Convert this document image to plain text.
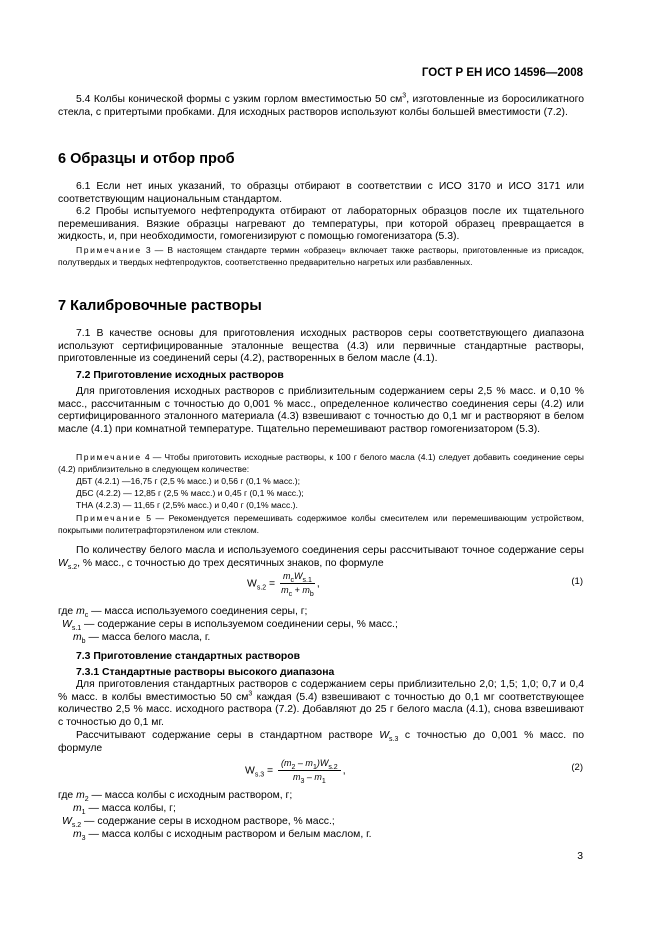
ГОСТ Р ЕН ИСО 14596—2008
5.4 Колбы конической формы с узким горлом вместимостью 50 $см^3$, изготовленные из боросиликатного стекла, с притертыми пробками. Для исходных растворов используют колбы большей вместимости (7.2).
6 Образцы и отбор проб
6.1 Если нет иных указаний, то образцы отбирают в соответствии с ИСО 3170 и ИСО 3171 или соответствующим национальным стандартом.
6.2 Пробы испытуемого нефтепродукта отбирают от лабораторных образцов после их тщательного перемешивания. Вязкие образцы нагревают до температуры, при которой образец превращается в жидкость, и, при необходимости, гомогенизируют с помощью гомогенизатора (5.3).
Примечание 3 — В настоящем стандарте термин «образец» включает также растворы, приготовленные из присадок, полутвердых и твердых нефтепродуктов, соответственно предварительно нагретых или разбавленных.
7 Калибровочные растворы
7.1 В качестве основы для приготовления исходных растворов серы соответствующего диапазона используют сертифицированные эталонные вещества (4.3) или первичные стандартные растворы, приготовленные из соединений серы (4.2), растворенных в белом масле (4.1).
7.2 Приготовление исходных растворов
Для приготовления исходных растворов с приблизительным содержанием серы 2,5 % масс. и 0,10 % масс., рассчитанным с точностью до 0,001 % масс., определенное количество соединения серы (4.2) или сертифицированного эталонного материала (4.3) взвешивают с точностью до 0,1 мг и растворяют в белом масле (4.1) при комнатной температуре. Тщательно перемешивают раствор гомогенизатором (5.3).
Примечание 4 — Чтобы приготовить исходные растворы, к 100 г белого масла (4.1) следует добавить соединение серы (4.2) приблизительно в следующем количестве:
ДБТ (4.2.1) —16,75 г (2,5 % масс.) и 0,56 г (0,1 % масс.);
ДБС (4.2.2) — 12,85 г (2,5 % масс.) и 0,45 г (0,1 % масс.);
ТНА (4.2.3) — 11,65 г (2,5% масс.) и 0,40 г (0,1% масс.).
Примечание 5 — Рекомендуется перемешивать содержимое колбы смесителем или перемешивающим устройством, покрытыми политетрафторэтиленом или стеклом.
По количеству белого масла и используемого соединения серы рассчитывают точное содержание серы $W_{s.2}$, % масс., с точностью до трех десятичных знаков, по формуле
$W_{s.2} = \frac{m_cW_{s.1}}{m_c + m_b}$ ,	(1)
где $m_c$ — масса используемого соединения серы, г;
$W_{s.1}$ — содержание серы в используемом соединении серы, % масс.;
$m_b$ — масса белого масла, г.
7.3 Приготовление стандартных растворов
7.3.1 Стандартные растворы высокого диапазона
Для приготовления стандартных растворов с содержанием серы приблизительно 2,0; 1,5; 1,0; 0,7 и 0,4 % масс. в колбы вместимостью 50 $см^3$ каждая (5.4) взвешивают с точностью до 0,1 мг соответствующее количество 2,5 % масс. исходного раствора (7.2). Добавляют до 25 г белого масла (4.1), снова взвешивают с точностью до 0,1 мг.
Рассчитывают содержание серы в стандартном растворе $W_{s.3}$ с точностью до 0,001 % масс. по формуле
$W_{s.3} = \frac{(m_2 - m_1)W_{s.2}}{m_3 - m_1}$ ,	(2)
где $m_2$ — масса колбы с исходным раствором, г;
$m_1$ — масса колбы, г;
$W_{s.2}$ — содержание серы в исходном растворе, % масс.;
$m_3$ — масса колбы с исходным раствором и белым маслом, г.
3
